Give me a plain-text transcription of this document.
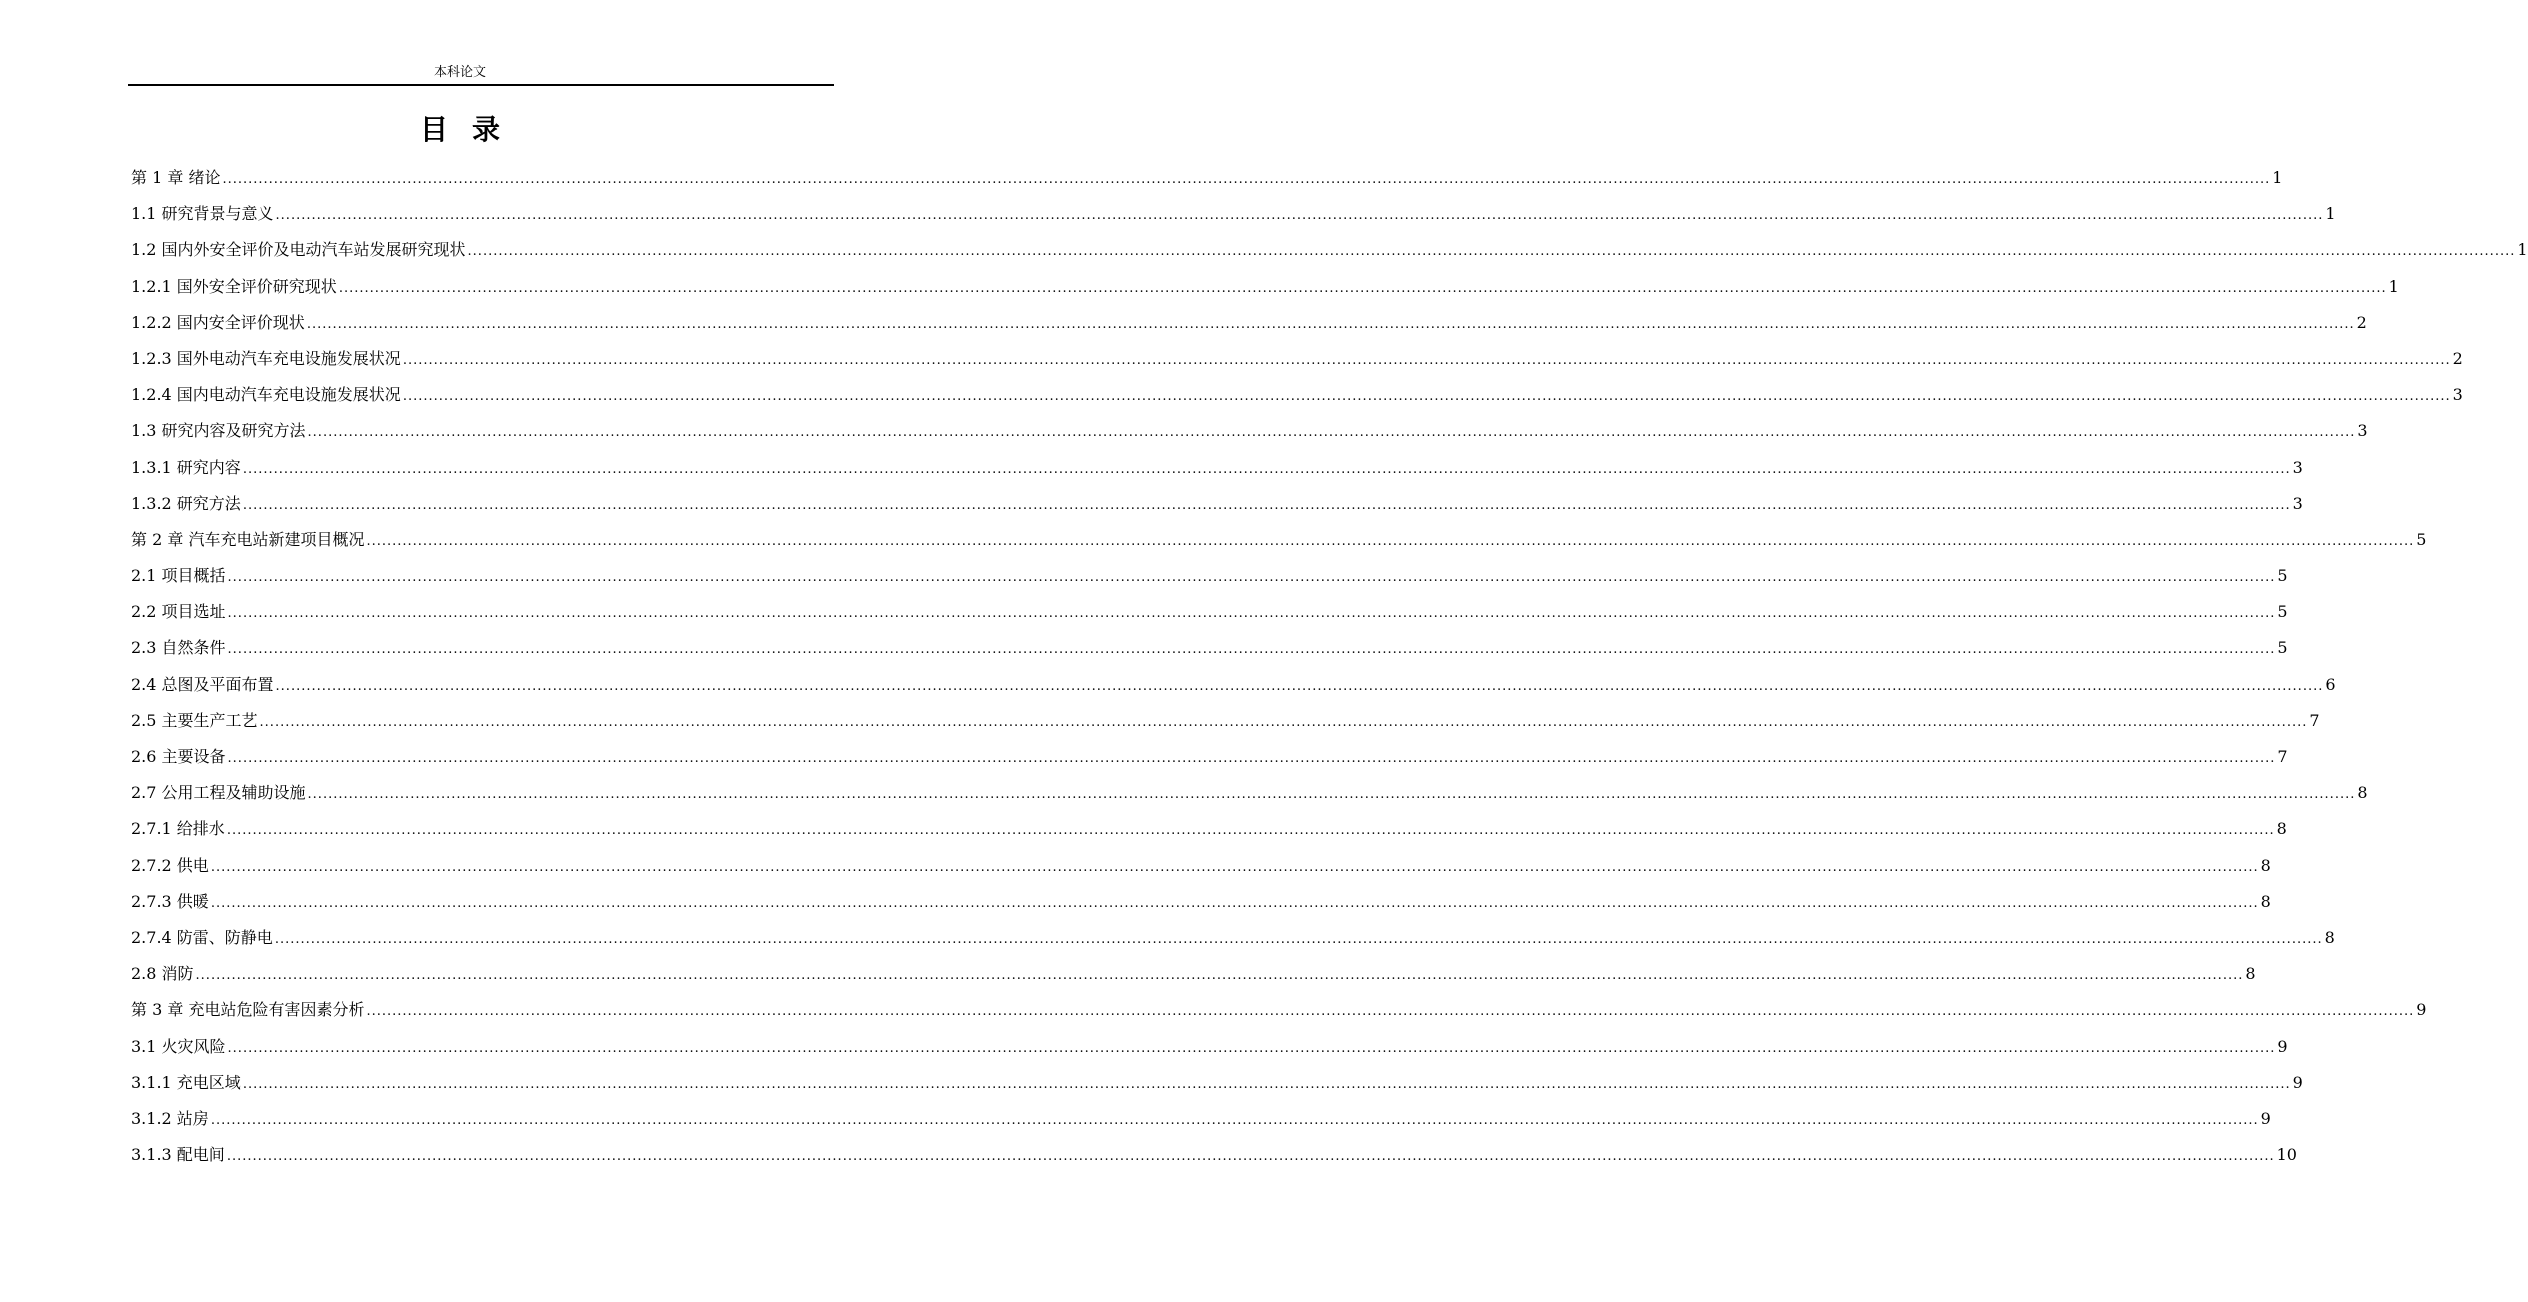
本科论文
目录
第 1 章 绪论 ............................................................................................................................................................................................................................................................................................................................................................................................................... 1
1.1 研究背景与意义 ............................................................................................................................................................................................................................................................................................................................................................................................................... 1
1.2 国内外安全评价及电动汽车站发展研究现状 ............................................................................................................................................................................................................................................................................................................................................................................................................... 1
1.2.1 国外安全评价研究现状 ............................................................................................................................................................................................................................................................................................................................................................................................................... 1
1.2.2 国内安全评价现状 ............................................................................................................................................................................................................................................................................................................................................................................................................... 2
1.2.3 国外电动汽车充电设施发展状况 ............................................................................................................................................................................................................................................................................................................................................................................................................... 2
1.2.4 国内电动汽车充电设施发展状况 ............................................................................................................................................................................................................................................................................................................................................................................................................... 3
1.3 研究内容及研究方法 ............................................................................................................................................................................................................................................................................................................................................................................................................... 3
1.3.1 研究内容 ............................................................................................................................................................................................................................................................................................................................................................................................................... 3
1.3.2 研究方法 ............................................................................................................................................................................................................................................................................................................................................................................................................... 3
第 2 章 汽车充电站新建项目概况 ............................................................................................................................................................................................................................................................................................................................................................................................................... 5
2.1 项目概括 ............................................................................................................................................................................................................................................................................................................................................................................................................... 5
2.2 项目选址 ............................................................................................................................................................................................................................................................................................................................................................................................................... 5
2.3 自然条件 ............................................................................................................................................................................................................................................................................................................................................................................................................... 5
2.4 总图及平面布置 ............................................................................................................................................................................................................................................................................................................................................................................................................... 6
2.5 主要生产工艺 ............................................................................................................................................................................................................................................................................................................................................................................................................... 7
2.6 主要设备 ............................................................................................................................................................................................................................................................................................................................................................................................................... 7
2.7 公用工程及辅助设施 ............................................................................................................................................................................................................................................................................................................................................................................................................... 8
2.7.1 给排水 ............................................................................................................................................................................................................................................................................................................................................................................................................... 8
2.7.2 供电 ............................................................................................................................................................................................................................................................................................................................................................................................................... 8
2.7.3 供暖 ............................................................................................................................................................................................................................................................................................................................................................................................................... 8
2.7.4 防雷、防静电 ............................................................................................................................................................................................................................................................................................................................................................................................................... 8
2.8 消防 ............................................................................................................................................................................................................................................................................................................................................................................................................... 8
第 3 章 充电站危险有害因素分析 ............................................................................................................................................................................................................................................................................................................................................................................................................... 9
3.1 火灾风险 ............................................................................................................................................................................................................................................................................................................................................................................................................... 9
3.1.1 充电区域 ............................................................................................................................................................................................................................................................................................................................................................................................................... 9
3.1.2 站房 ............................................................................................................................................................................................................................................................................................................................................................................................................... 9
3.1.3 配电间 ............................................................................................................................................................................................................................................................................................................................................................................................................... 10
